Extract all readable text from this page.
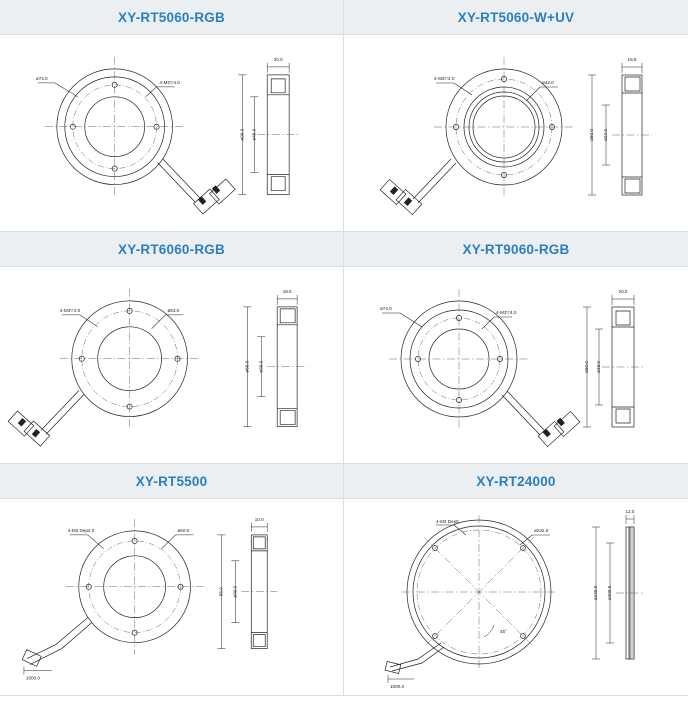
XY-RT5060-RGB
ø74.0
4-M3▽4.0
ø90.0 ø48.0
20.0
XY-RT5060-W+UV
4-M3▽4.0
ø42.0
ø50.0 ø22.0
18.5
XY-RT6060-RGB
4-M3▽4.0	ø53.0
ø60.0 ø33.0
18.5
XY-RT9060-RGB
ø74.0
4-M3▽4.0
ø90.0 ø48.0
20.0
XY-RT5500
4-M3 Dep4.0	ø50.0
55.0 ø30.0
10.0
1000.0
XY-RT24000
4-M3 Dep5
ø232.0
ø240.0 ø200.0
12.0
1000.0
45°
